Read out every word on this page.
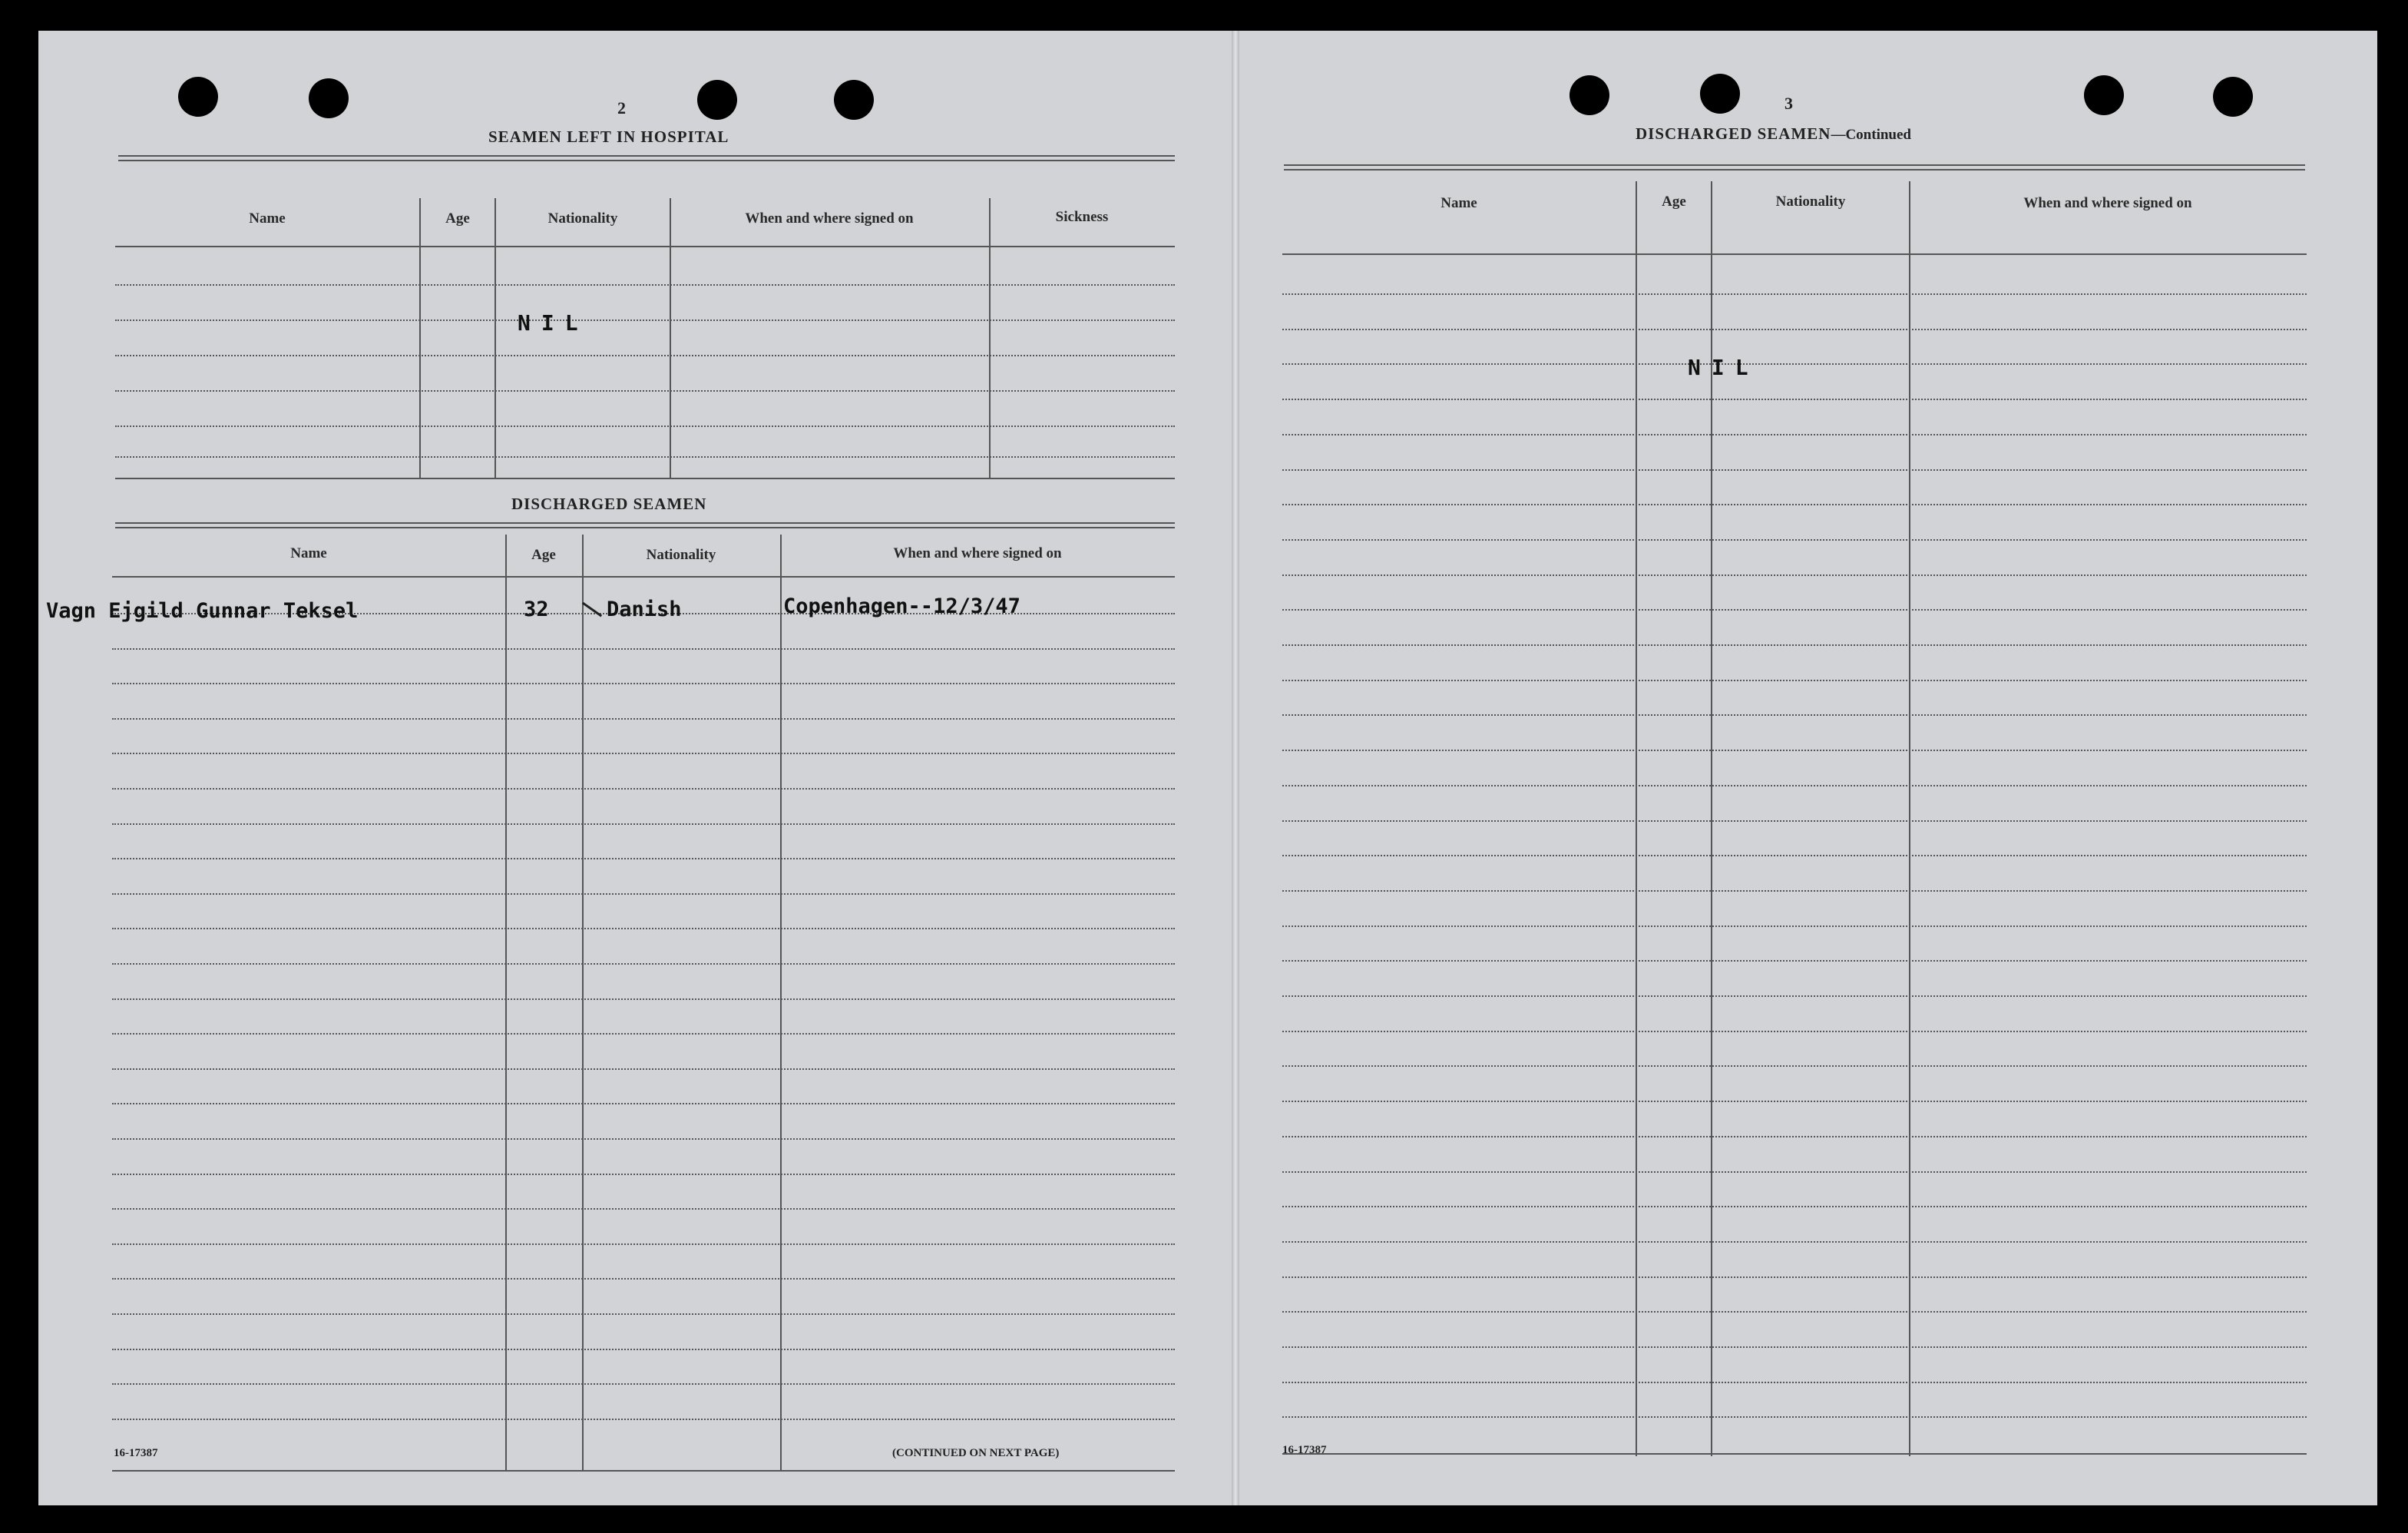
2
SEAMEN LEFT IN HOSPITAL
Name	Age	Nationality	When and where signed on	Sickness
NIL
DISCHARGED SEAMEN
Name	Age	Nationality	When and where signed on
Vagn Ejgild Gunnar Teksel	32	Danish	Copenhagen--12/3/47
16-17387	(CONTINUED ON NEXT PAGE)
3
DISCHARGED SEAMEN—Continued
Name	Age	Nationality	When and where signed on
NIL
16-17387
